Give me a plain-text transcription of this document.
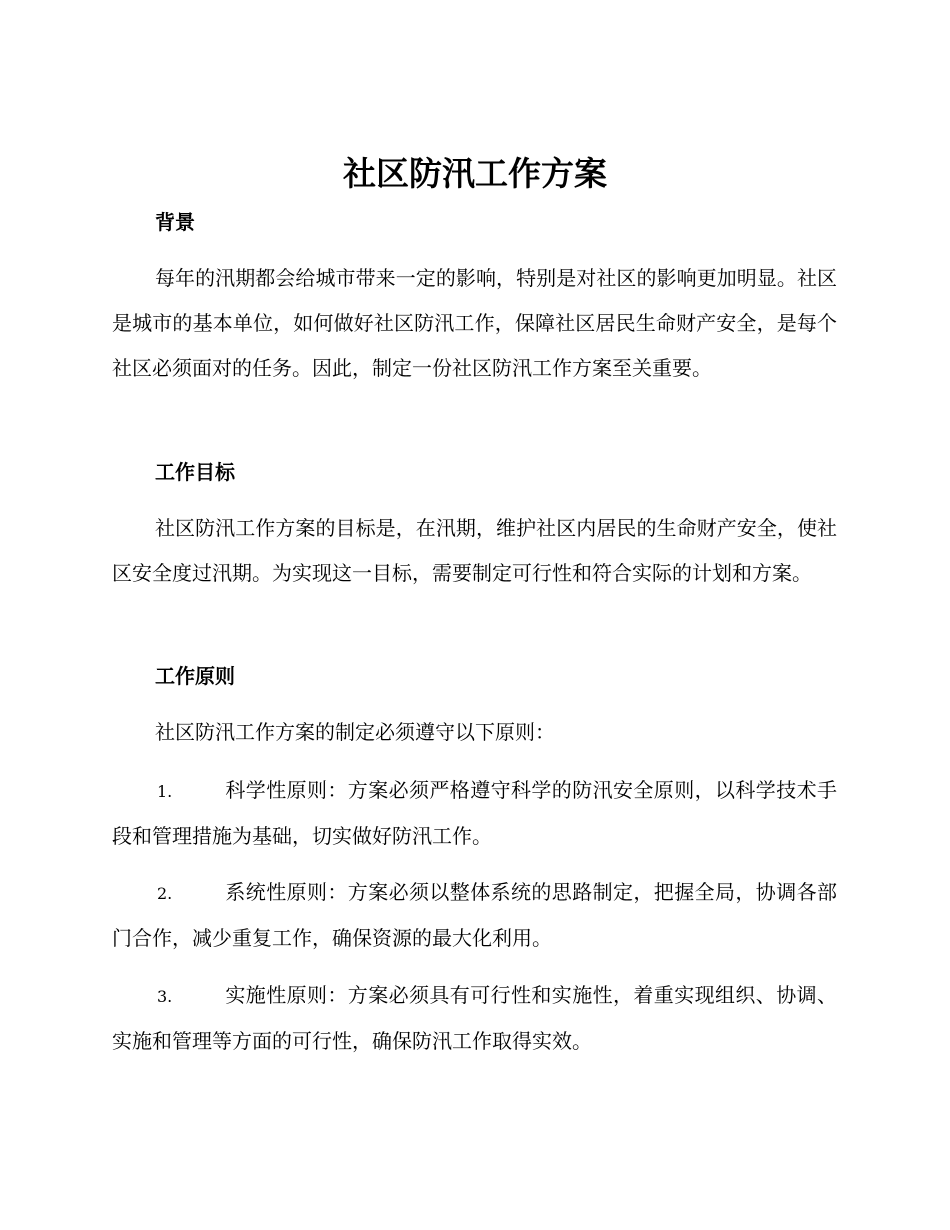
社区防汛工作方案
背景

每年的汛期都会给城市带来一定的影响，特别是对社区的影响更加明显。社区是城市的基本单位，如何做好社区防汛工作，保障社区居民生命财产安全，是每个社区必须面对的任务。因此，制定一份社区防汛工作方案至关重要。

工作目标

社区防汛工作方案的目标是，在汛期，维护社区内居民的生命财产安全，使社区安全度过汛期。为实现这一目标，需要制定可行性和符合实际的计划和方案。

工作原则

社区防汛工作方案的制定必须遵守以下原则：

1.	科学性原则：方案必须严格遵守科学的防汛安全原则，以科学技术手段和管理措施为基础，切实做好防汛工作。

2.	系统性原则：方案必须以整体系统的思路制定，把握全局，协调各部门合作，减少重复工作，确保资源的最大化利用。

3.	实施性原则：方案必须具有可行性和实施性，着重实现组织、协调、实施和管理等方面的可行性，确保防汛工作取得实效。
